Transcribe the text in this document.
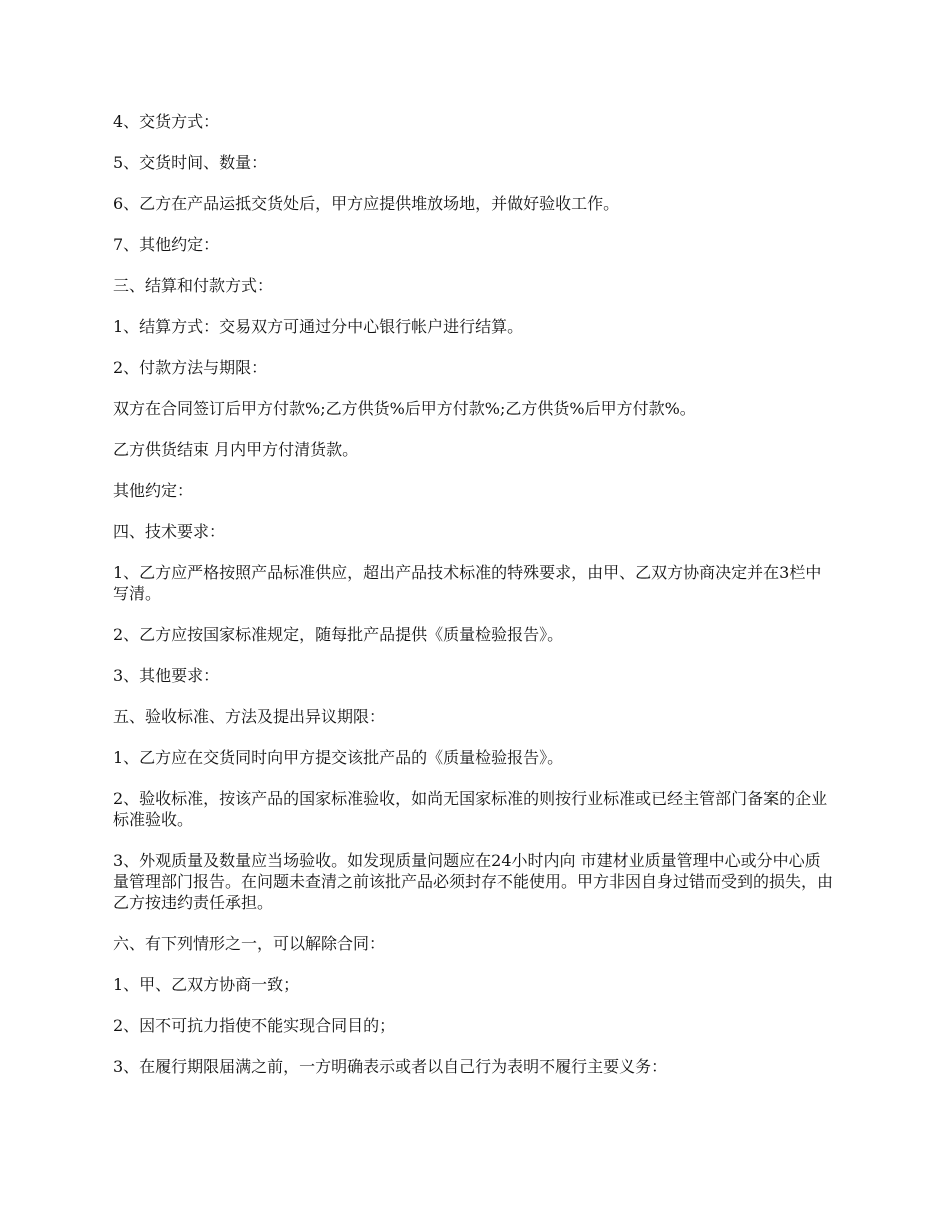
4、交货方式：

5、交货时间、数量：

6、乙方在产品运抵交货处后，甲方应提供堆放场地，并做好验收工作。

7、其他约定：

三、结算和付款方式：

1、结算方式：交易双方可通过分中心银行帐户进行结算。

2、付款方法与期限：

双方在合同签订后甲方付款%;乙方供货%后甲方付款%;乙方供货%后甲方付款%。

乙方供货结束 月内甲方付清货款。

其他约定：

四、技术要求：

1、乙方应严格按照产品标准供应，超出产品技术标准的特殊要求，由甲、乙双方协商决定并在3栏中写清。

2、乙方应按国家标准规定，随每批产品提供《质量检验报告》。

3、其他要求：

五、验收标准、方法及提出异议期限：

1、乙方应在交货同时向甲方提交该批产品的《质量检验报告》。

2、验收标准，按该产品的国家标准验收，如尚无国家标准的则按行业标准或已经主管部门备案的企业标准验收。

3、外观质量及数量应当场验收。如发现质量问题应在24小时内向 市建材业质量管理中心或分中心质量管理部门报告。在问题未查清之前该批产品必须封存不能使用。甲方非因自身过错而受到的损失，由乙方按违约责任承担。

六、有下列情形之一，可以解除合同：

1、甲、乙双方协商一致；

2、因不可抗力指使不能实现合同目的；

3、在履行期限届满之前，一方明确表示或者以自己行为表明不履行主要义务：
